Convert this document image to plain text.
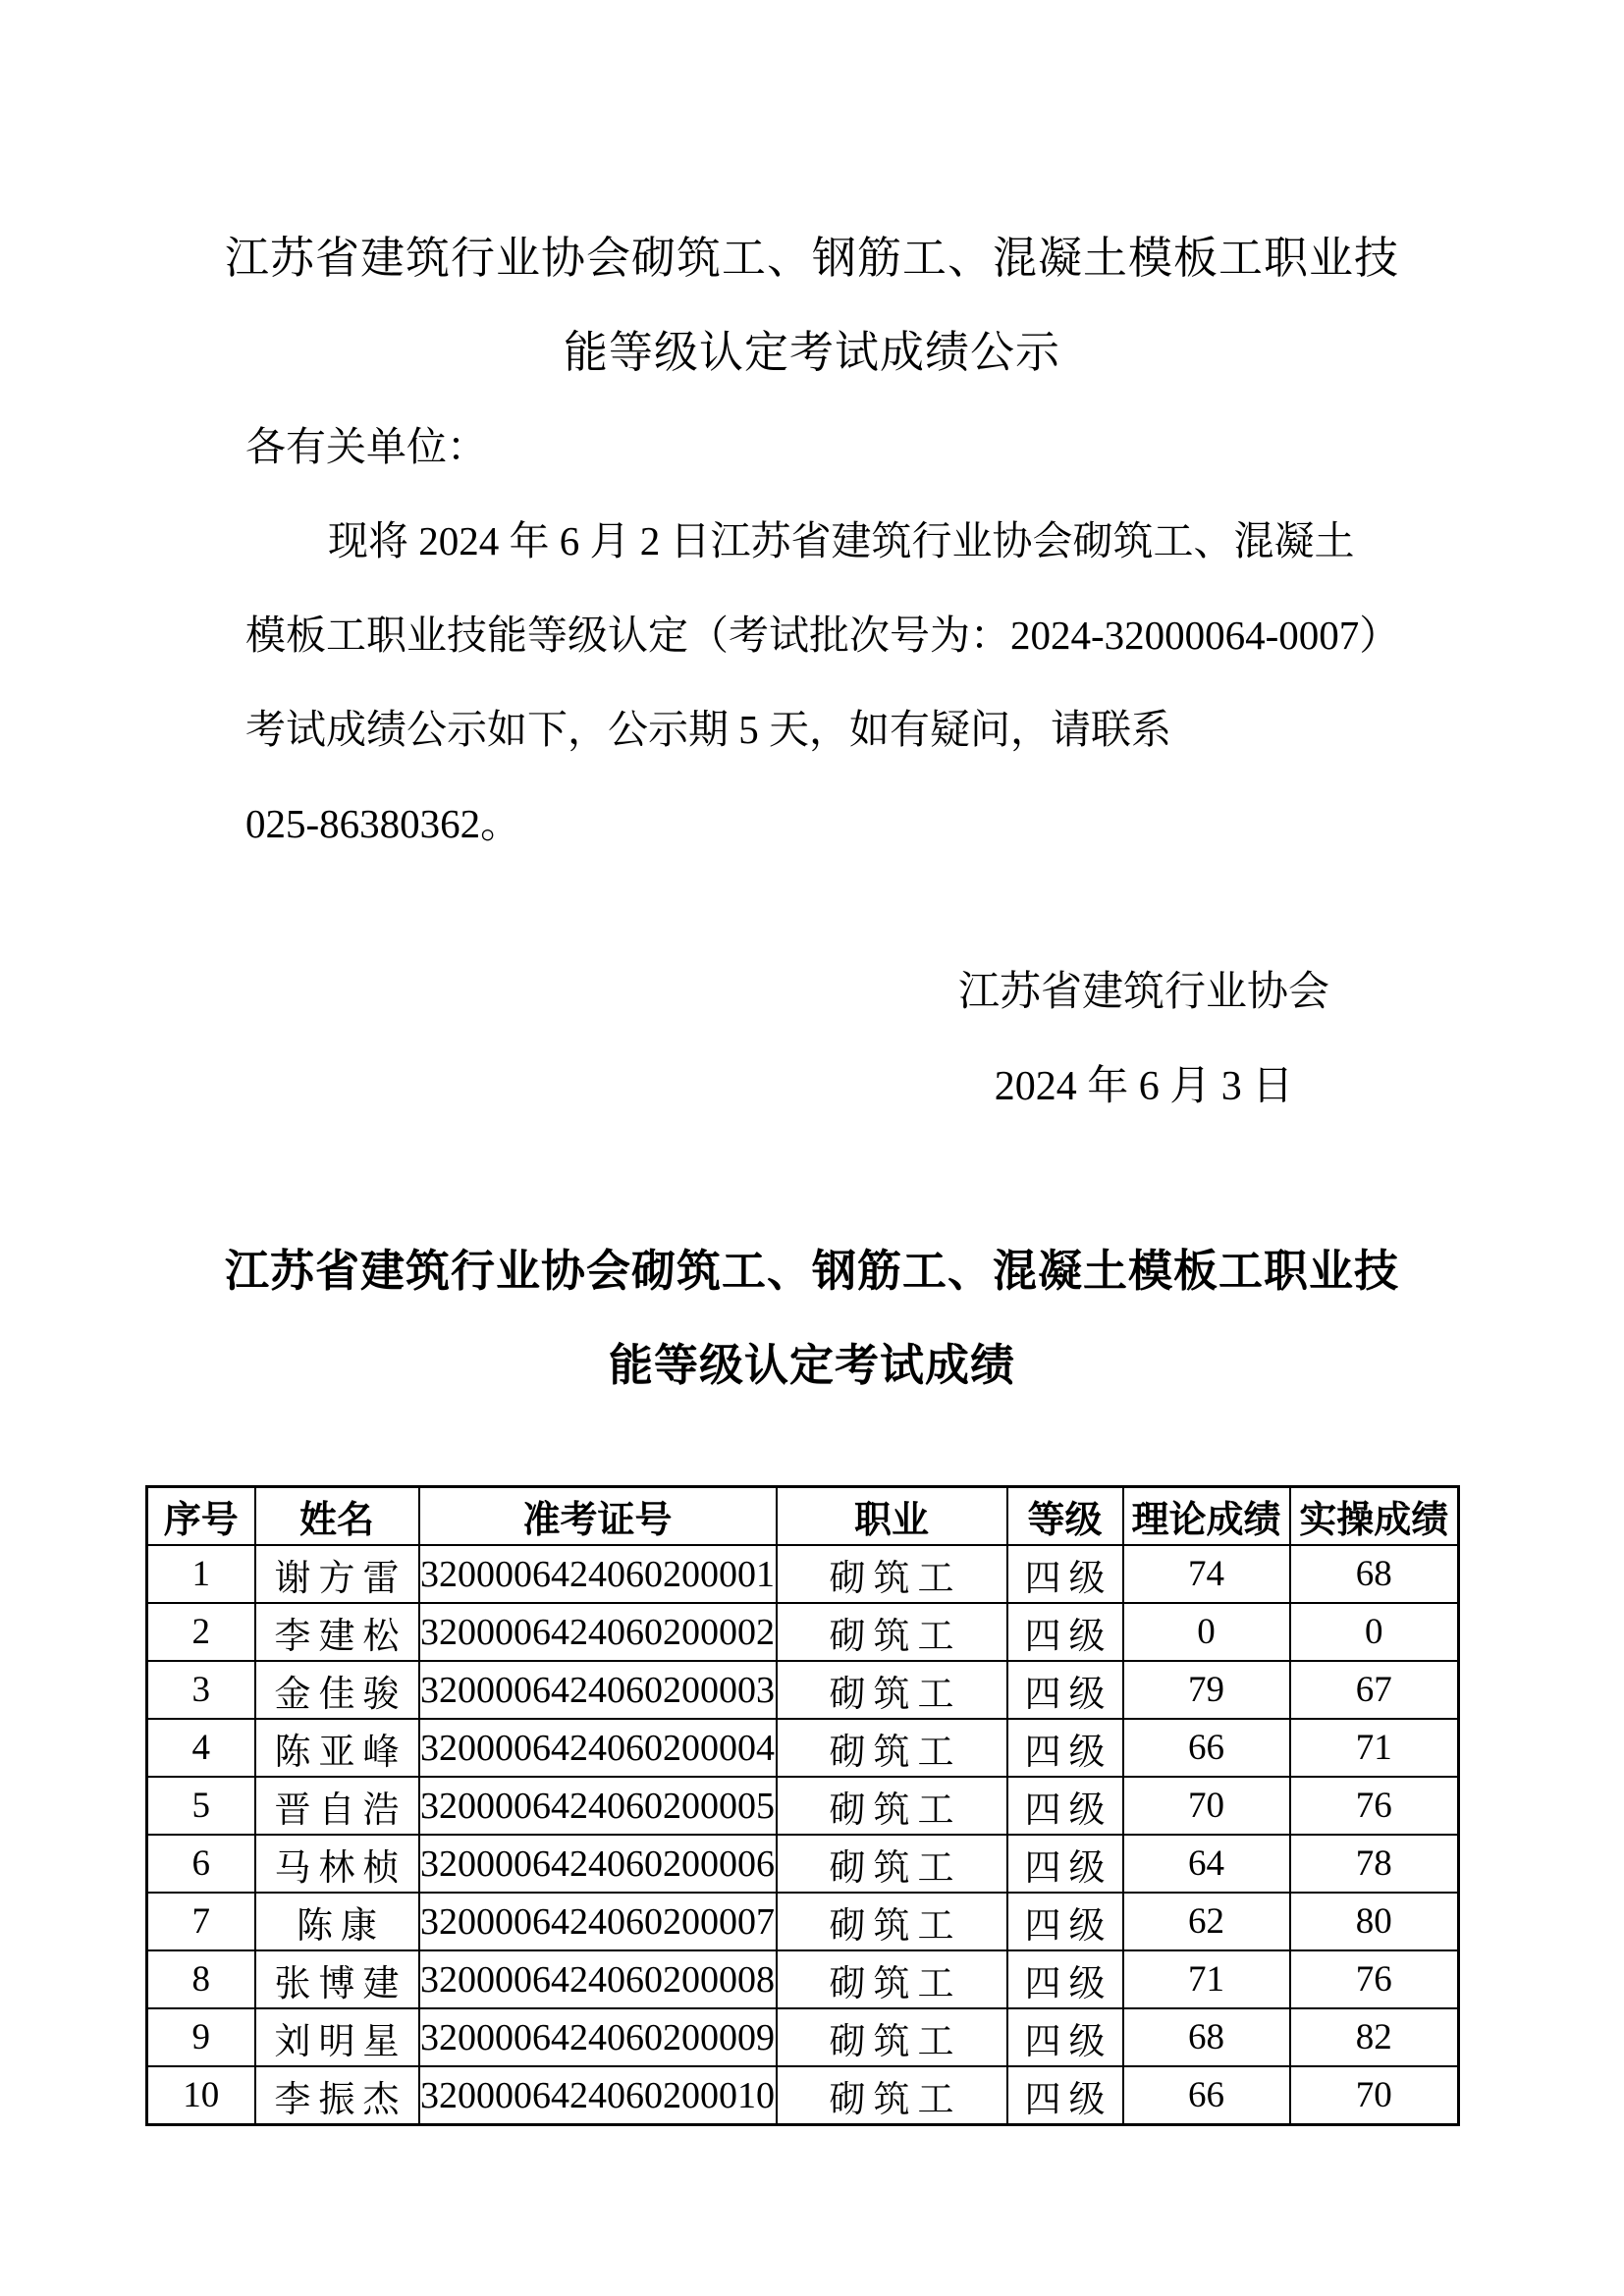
江苏省建筑行业协会砌筑工、钢筋工、混凝土模板工职业技
能等级认定考试成绩公示
各有关单位：
现将 2024 年 6 月 2 日江苏省建筑行业协会砌筑工、混凝土
模板工职业技能等级认定（考试批次号为：2024-32000064-0007）
考试成绩公示如下，公示期 5 天，如有疑问，请联系
025-86380362。
江苏省建筑行业协会
2024 年 6 月 3 日
江苏省建筑行业协会砌筑工、钢筋工、混凝土模板工职业技
能等级认定考试成绩
序号	姓名	准考证号	职业	等级	理论成绩	实操成绩
1	谢方雷	3200006424060200001	砌筑工	四级	74	68
2	李建松	3200006424060200002	砌筑工	四级	0	0
3	金佳骏	3200006424060200003	砌筑工	四级	79	67
4	陈亚峰	3200006424060200004	砌筑工	四级	66	71
5	晋自浩	3200006424060200005	砌筑工	四级	70	76
6	马林桢	3200006424060200006	砌筑工	四级	64	78
7	陈康	3200006424060200007	砌筑工	四级	62	80
8	张博建	3200006424060200008	砌筑工	四级	71	76
9	刘明星	3200006424060200009	砌筑工	四级	68	82
10	李振杰	3200006424060200010	砌筑工	四级	66	70
